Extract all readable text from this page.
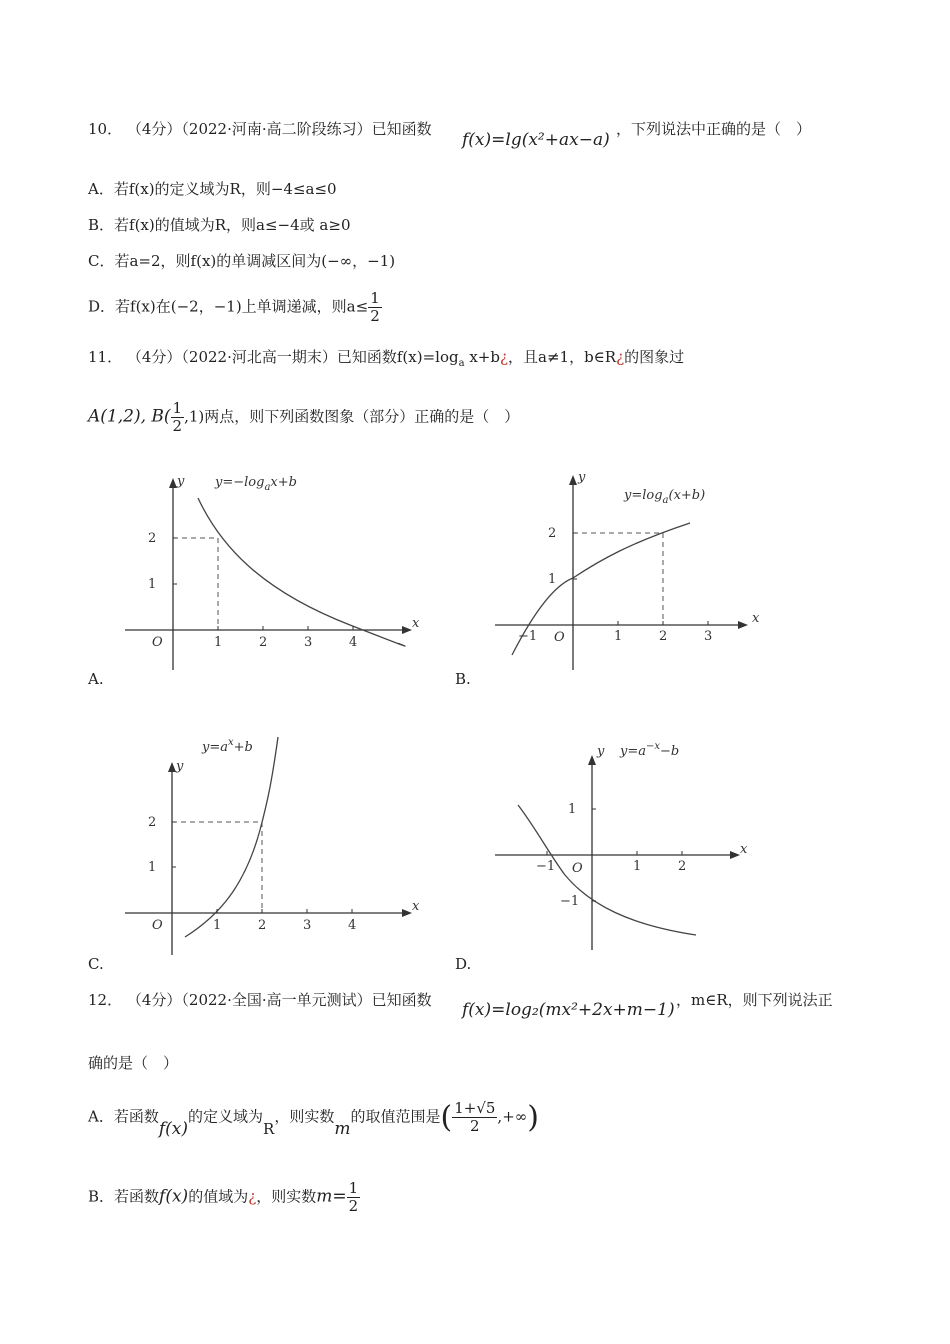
10． （4分）（2022·河南·高二阶段练习）已知函数
f(x)=lg(x²+ax−a)
，下列说法中正确的是（　）
A．若f(x)的定义域为R，则−4≤a≤0
B．若f(x)的值域为R，则a≤−4或 a≥0
C．若a=2，则f(x)的单调减区间为(−∞，−1)
D．若f(x)在(−2，−1)上单调递减，则$a\le \frac{1}{2}$
11． （4分）（2022·河北高一期末）已知函数$f(x)=\log_a$ x+b¿，且a≠1，b∈R¿的图象过
A(1,2), $B( \frac{1}{2} ,1)$两点，则下列函数图象（部分）正确的是（　）
1	2	3	4
1
2
O
x
y $y=-\log_ax+b$
A.
−1	1	2	3
1
2
O
x
y
$y=\log_a(x+b)$
B.
1	2	3	4
1
2
O
x
y
$y=a^x+b$
C.
−1	1	2
1
−1
O
x
y $y=a^{-x}-b$
D.
12． （4分）（2022·全国·高一单元测试）已知函数 f(x)=log₂(mx²+2x+m−1) ，m∈R，则下列说法正
确的是（　）
A．若函数f(x)的定义域为R，则实数m的取值范围是( $\frac{1+√5}{2}$ ,+∞)
B．若函数f(x)的值域为¿，则实数$m= \frac{1}{2}$
